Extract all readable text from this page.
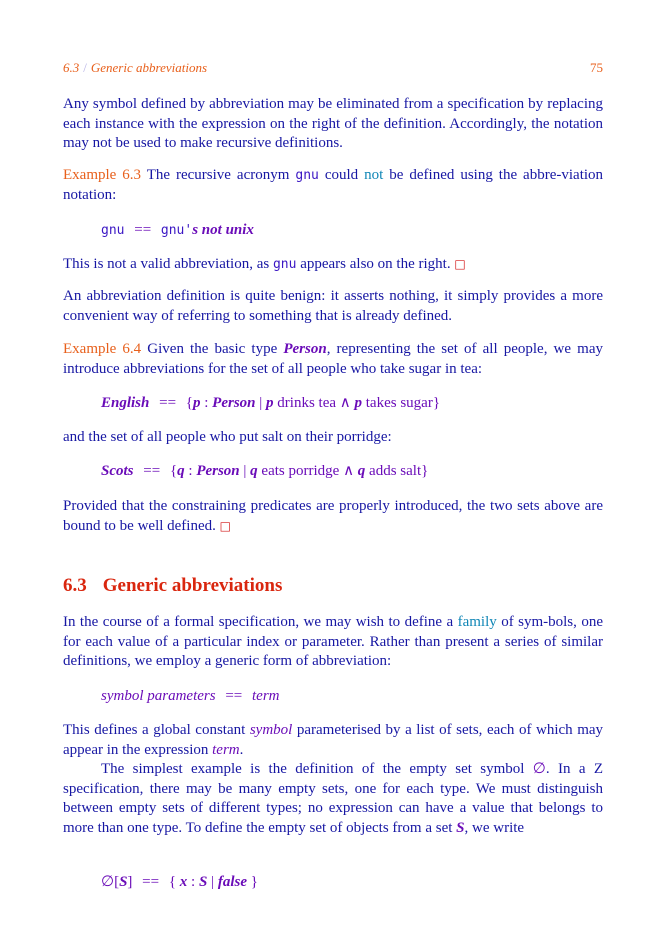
6.3 / Generic abbreviations	75
Any symbol defined by abbreviation may be eliminated from a specification by replacing each instance with the expression on the right of the definition. Accordingly, the notation may not be used to make recursive definitions.
Example 6.3 The recursive acronym gnu could not be defined using the abbre-viation notation:
gnu == gnu's not unix
This is not a valid abbreviation, as gnu appears also on the right. □
An abbreviation definition is quite benign: it asserts nothing, it simply provides a more convenient way of referring to something that is already defined.
Example 6.4 Given the basic type Person, representing the set of all people, we may introduce abbreviations for the set of all people who take sugar in tea:
English == {p : Person | p drinks tea ∧ p takes sugar}
and the set of all people who put salt on their porridge:
Scots == {q : Person | q eats porridge ∧ q adds salt}
Provided that the constraining predicates are properly introduced, the two sets above are bound to be well defined. □
6.3 Generic abbreviations
In the course of a formal specification, we may wish to define a family of sym-bols, one for each value of a particular index or parameter. Rather than present a series of similar definitions, we employ a generic form of abbreviation:
symbol parameters == term
This defines a global constant symbol parameterised by a list of sets, each of which may appear in the expression term.
The simplest example is the definition of the empty set symbol ∅. In a Z specification, there may be many empty sets, one for each type. We must distinguish between empty sets of different types; no expression can have a value that belongs to more than one type. To define the empty set of objects from a set S, we write
∅[S] == { x : S | false }
